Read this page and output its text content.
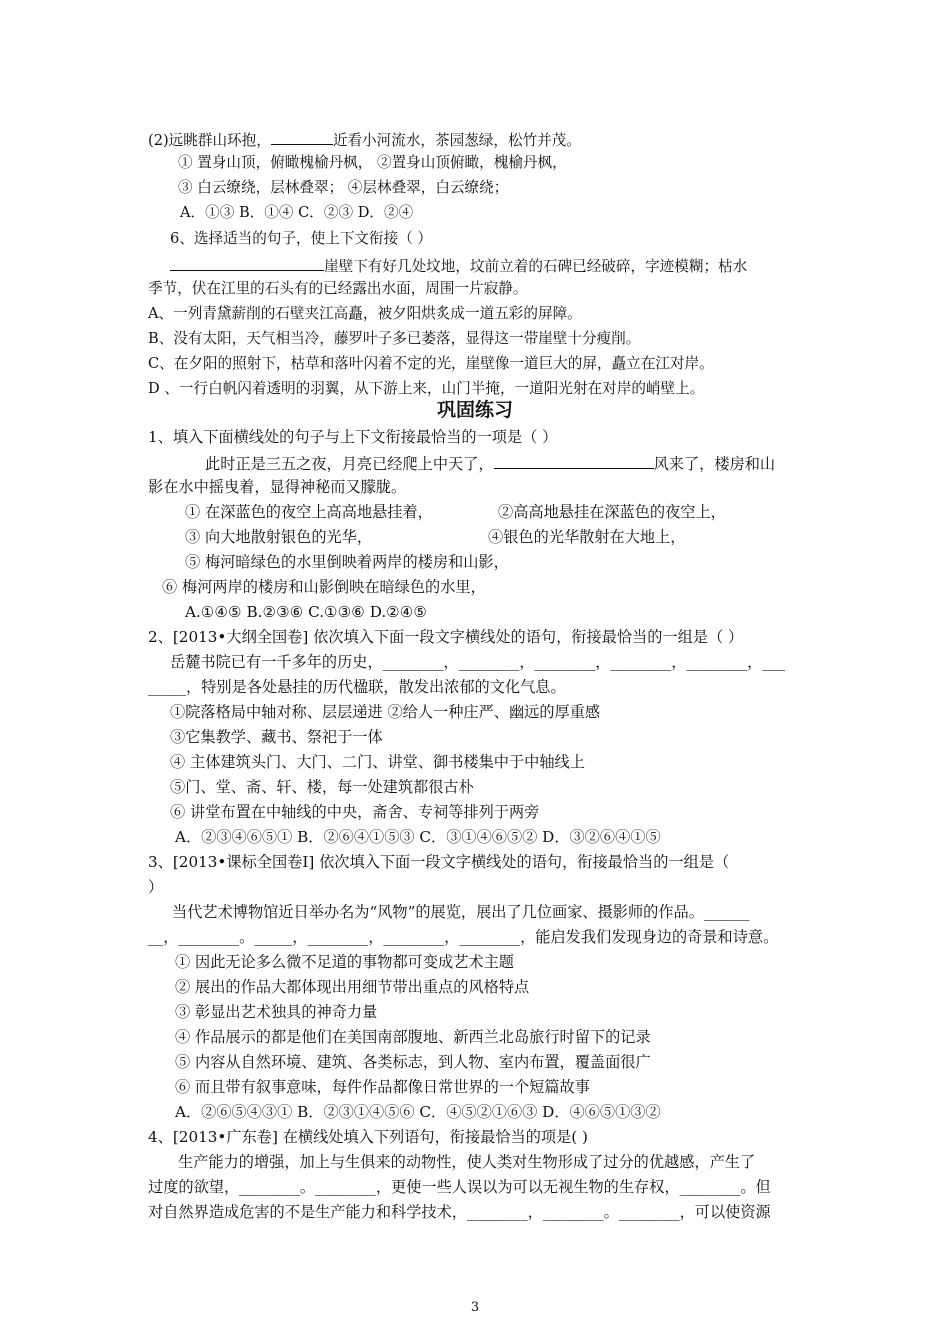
(2)远眺群山环抱，	近看小河流水，茶园葱绿，松竹并茂。
① 置身山顶，俯瞰槐榆丹枫， ②置身山顶俯瞰，槐榆丹枫，
③ 白云缭绕，层林叠翠； ④层林叠翠，白云缭绕；
A．①③ B．①④ C．②③ D．②④
6、选择适当的句子，使上下文衔接（ ）
崖壁下有好几处坟地，坟前立着的石碑已经破碎，字迹模糊；枯水
季节，伏在江里的石头有的已经露出水面，周围一片寂静。
A、一列青黛薪削的石壁夹江高矗，被夕阳烘炙成一道五彩的屏障。
B、没有太阳，天气相当冷，藤罗叶子多已萎落，显得这一带崖壁十分瘦削。
C、在夕阳的照射下，枯草和落叶闪着不定的光，崖壁像一道巨大的屏，矗立在江对岸。
D 、一行白帆闪着透明的羽翼，从下游上来，山门半掩，一道阳光射在对岸的峭壁上。
巩固练习
1、填入下面横线处的句子与上下文衔接最恰当的一项是（ ）
此时正是三五之夜，月亮已经爬上中天了，	风来了，楼房和山
影在水中摇曳着，显得神秘而又朦胧。
① 在深蓝色的夜空上高高地悬挂着，	②高高地悬挂在深蓝色的夜空上，
③ 向大地散射银色的光华，	④银色的光华散射在大地上，
⑤ 梅河暗绿色的水里倒映着两岸的楼房和山影，
⑥ 梅河两岸的楼房和山影倒映在暗绿色的水里，
A.①④⑤ B.②③⑥ C.①③⑥ D.②④⑤
2、[2013•大纲全国卷] 依次填入下面一段文字横线处的语句，衔接最恰当的一组是（ ）
岳麓书院已有一千多年的历史，________，________，________，________，________，___
_____，特别是各处悬挂的历代楹联，散发出浓郁的文化气息。
①院落格局中轴对称、层层递进 ②给人一种庄严、幽远的厚重感
③它集教学、藏书、祭祀于一体
④ 主体建筑头门、大门、二门、讲堂、御书楼集中于中轴线上
⑤门、堂、斋、轩、楼，每一处建筑都很古朴
⑥ 讲堂布置在中轴线的中央，斋舍、专祠等排列于两旁
A．②③④⑥⑤① B．②⑥④①⑤③ C．③①④⑥⑤② D．③②⑥④①⑤
3、[2013•课标全国卷Ⅰ] 依次填入下面一段文字横线处的语句，衔接最恰当的一组是（
）
当代艺术博物馆近日举办名为“风物”的展览，展出了几位画家、摄影师的作品。______
__，________。_____，________，________，________，能启发我们发现身边的奇景和诗意。
① 因此无论多么微不足道的事物都可变成艺术主题
② 展出的作品大都体现出用细节带出重点的风格特点
③ 彰显出艺术独具的神奇力量
④ 作品展示的都是他们在美国南部腹地、新西兰北岛旅行时留下的记录
⑤ 内容从自然环境、建筑、各类标志，到人物、室内布置，覆盖面很广
⑥ 而且带有叙事意味，每件作品都像日常世界的一个短篇故事
A．②⑥⑤④③① B．②③①④⑤⑥ C．④⑤②①⑥③ D．④⑥⑤①③②
4、[2013•广东卷] 在横线处填入下列语句，衔接最恰当的项是( )
生产能力的增强，加上与生俱来的动物性，使人类对生物形成了过分的优越感，产生了
过度的欲望，________。________，更使一些人误以为可以无视生物的生存权，________。但
对自然界造成危害的不是生产能力和科学技术，________，________。________，可以使资源
3
